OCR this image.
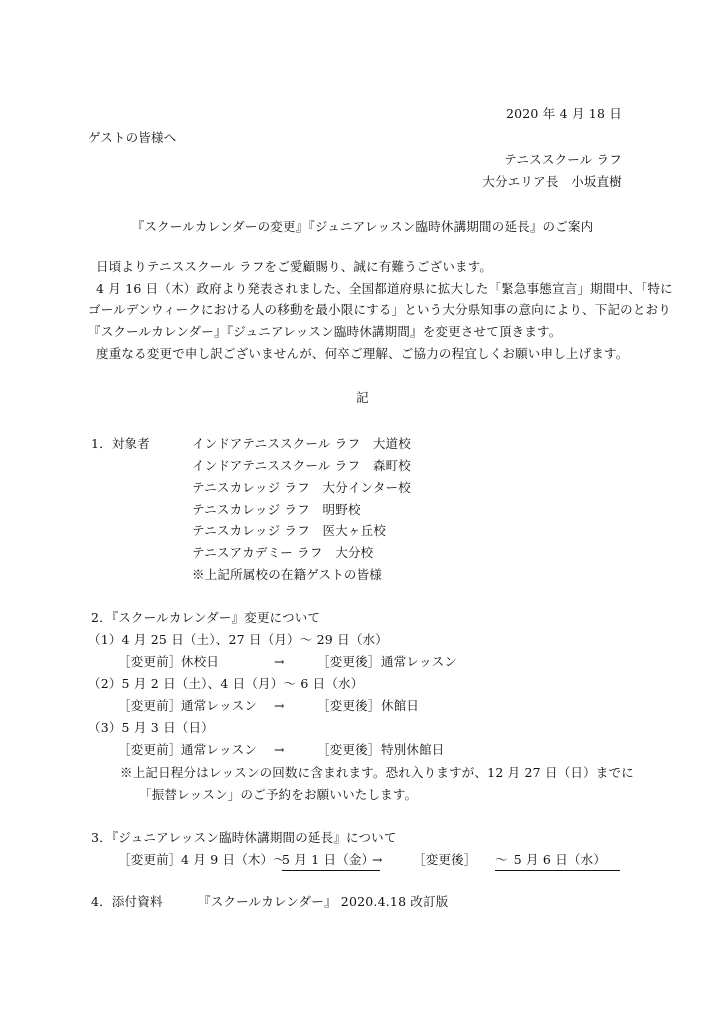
2020 年 4 月 18 日
ゲストの皆様へ
テニススクール ラフ
大分エリア長　小坂直樹
『スクールカレンダーの変更』『ジュニアレッスン臨時休講期間の延長』のご案内
日頃よりテニススクール ラフをご愛顧賜り、誠に有難うございます。
4 月 16 日（木）政府より発表されました、全国都道府県に拡大した「緊急事態宣言」期間中、「特に
ゴールデンウィークにおける人の移動を最小限にする」という大分県知事の意向により、下記のとおり
『スクールカレンダー』『ジュニアレッスン臨時休講期間』を変更させて頂きます。
度重なる変更で申し訳ございませんが、何卒ご理解、ご協力の程宜しくお願い申し上げます。
記
1．対象者	インドアテニススクール ラフ　大道校
インドアテニススクール ラフ　森町校
テニスカレッジ ラフ　大分インター校
テニスカレッジ ラフ　明野校
テニスカレッジ ラフ　医大ヶ丘校
テニスアカデミー ラフ　大分校
※上記所属校の在籍ゲストの皆様
2．『スクールカレンダー』変更について
（1）4 月 25 日（土）、27 日（月）～ 29 日（水）
［変更前］ 休校日	→	［変更後］ 通常レッスン
（2）5 月 2 日（土）、4 日（月）～ 6 日（水）
［変更前］ 通常レッスン →	［変更後］ 休館日
（3）5 月 3 日（日）
［変更前］ 通常レッスン →	［変更後］ 特別休館日
※上記日程分はレッスンの回数に含まれます。恐れ入りますが、12 月 27 日（日）までに
「振替レッスン」のご予約をお願いいたします。
3．『ジュニアレッスン臨時休講期間の延長』について
［変更前］ 4 月 9 日（木）～
5 月 1 日（金）
→ ［変更後］ ～ 5 月 6 日（水）
4．添付資料	『スクールカレンダー』 2020.4.18 改訂版
